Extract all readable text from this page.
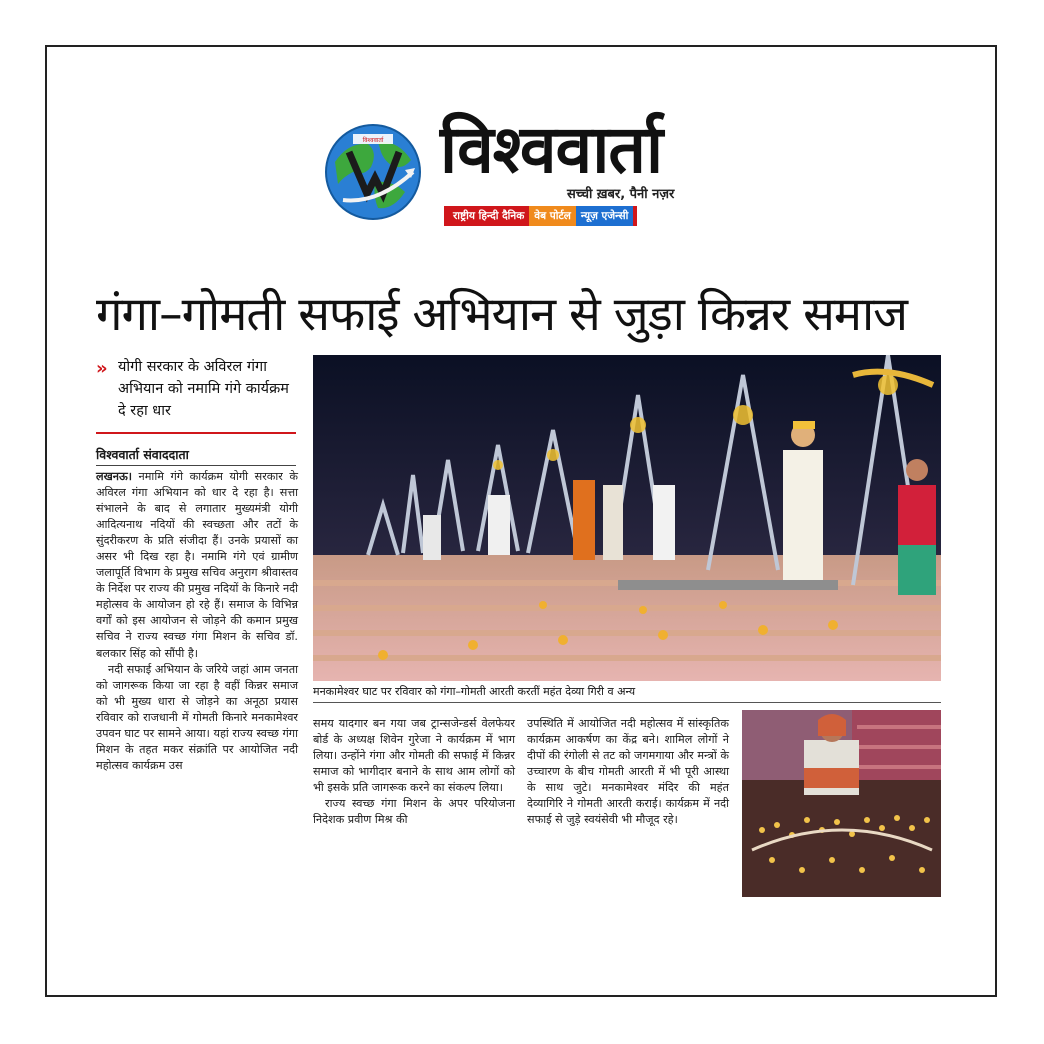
विश्ववार्ता विश्ववार्ता
सच्ची ख़बर, पैनी नज़र
राष्ट्रीय हिन्दी दैनिक वेब पोर्टल न्यूज़ एजेन्सी
गंगा–गोमती सफाई अभियान से जुड़ा किन्नर समाज
» योगी सरकार के अविरल गंगा अभियान को नमामि गंगे कार्यक्रम दे रहा धार
विश्ववार्ता संवाददाता

लखनऊ। नमामि गंगे कार्यक्रम योगी सरकार के अविरल गंगा अभियान को धार दे रहा है। सत्ता संभालने के बाद से लगातार मुख्यमंत्री योगी आदित्यनाथ नदियों की स्वच्छता और तटों के सुंदरीकरण के प्रति संजीदा हैं। उनके प्रयासों का असर भी दिख रहा है। नमामि गंगे एवं ग्रामीण जलापूर्ति विभाग के प्रमुख सचिव अनुराग श्रीवास्तव के निर्देश पर राज्य की प्रमुख नदियों के किनारे नदी महोत्सव के आयोजन हो रहे हैं। समाज के विभिन्न वर्गों को इस आयोजन से जोड़ने की कमान प्रमुख सचिव ने राज्य स्वच्छ गंगा मिशन के सचिव डॉ. बलकार सिंह को सौंपी है।

नदी सफाई अभियान के जरिये जहां आम जनता को जागरूक किया जा रहा है वहीं किन्नर समाज को भी मुख्य धारा से जोड़ने का अनूठा प्रयास रविवार को राजधानी में गोमती किनारे मनकामेश्वर उपवन घाट पर सामने आया। यहां राज्य स्वच्छ गंगा मिशन के तहत मकर संक्रांति पर आयोजित नदी महोत्सव कार्यक्रम उस

मनकामेश्वर घाट पर रविवार को गंगा–गोमती आरती करतीं महंत देव्या गिरी व अन्य

समय यादगार बन गया जब ट्रान्सजेन्डर्स वेलफेयर बोर्ड के अध्यक्ष शिवेन गुरेजा ने कार्यक्रम में भाग लिया। उन्होंने गंगा और गोमती की सफाई में किन्नर समाज को भागीदार बनाने के साथ आम लोगों को भी इसके प्रति जागरूक करने का संकल्प लिया।

राज्य स्वच्छ गंगा मिशन के अपर परियोजना निदेशक प्रवीण मिश्र की

उपस्थिति में आयोजित नदी महोत्सव में सांस्कृतिक कार्यक्रम आकर्षण का केंद्र बने। शामिल लोगों ने दीपों की रंगोली से तट को जगमगाया और मन्त्रों के उच्चारण के बीच गोमती आरती में भी पूरी आस्था के साथ जुटे। मनकामेश्वर मंदिर की महंत देव्यागिरि ने गोमती आरती कराई। कार्यक्रम में नदी सफाई से जुड़े स्वयंसेवी भी मौजूद रहे।
